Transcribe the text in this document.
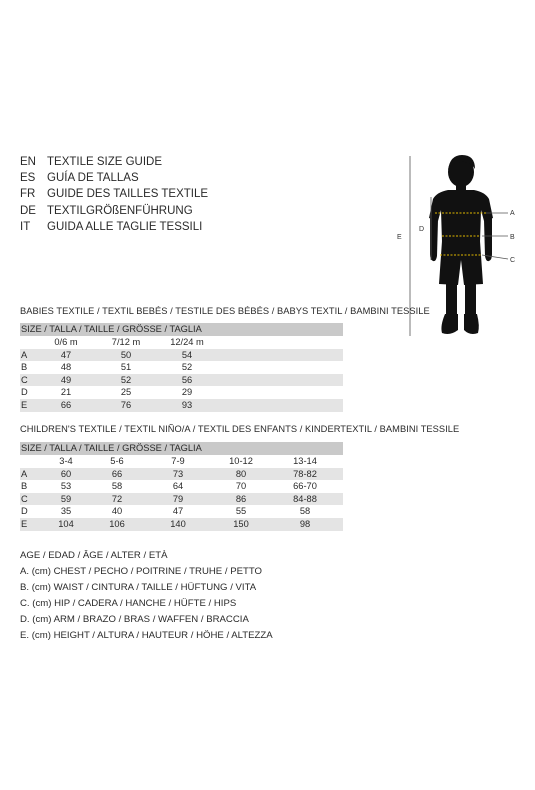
EN TEXTILE SIZE GUIDE
ES	GUÍA DE TALLAS
FR	GUIDE DES TAILLES TEXTILE
DE TEXTILGRÖßENFÜHRUNG
IT	GUIDA ALLE TAGLIE TESSILI
A
B
C
D
E
BABIES TEXTILE / TEXTIL BEBÉS / TESTILE DES BÉBÉS / BABYS TEXTIL / BAMBINI TESSILE
SIZE / TALLA / TAILLE / GRÖSSE / TAGLIA				
	0/6 m	7/12 m	12/24 m	
A	47	50	54	
B	48	51	52	
C	49	52	56	
D	21	25	29	
E	66	76	93	
CHILDREN'S TEXTILE / TEXTIL NIÑO/A / TEXTIL DES ENFANTS / KINDERTEXTIL / BAMBINI TESSILE
SIZE / TALLA / TAILLE / GRÖSSE / TAGLIA						
	3-4	5-6	7-9	10-12	13-14	
A	60	66	73	80	78-82	
B	53	58	64	70	66-70	
C	59	72	79	86	84-88	
D	35	40	47	55	58	
E	104	106	140	150	98	
AGE / EDAD / ÂGE / ALTER / ETÀ
A. (cm) CHEST / PECHO / POITRINE / TRUHE / PETTO
B. (cm) WAIST / CINTURA / TAILLE / HÜFTUNG / VITA
C. (cm) HIP / CADERA / HANCHE / HÜFTE / HIPS
D. (cm) ARM / BRAZO / BRAS / WAFFEN / BRACCIA
E. (cm) HEIGHT / ALTURA / HAUTEUR / HÖHE / ALTEZZA
